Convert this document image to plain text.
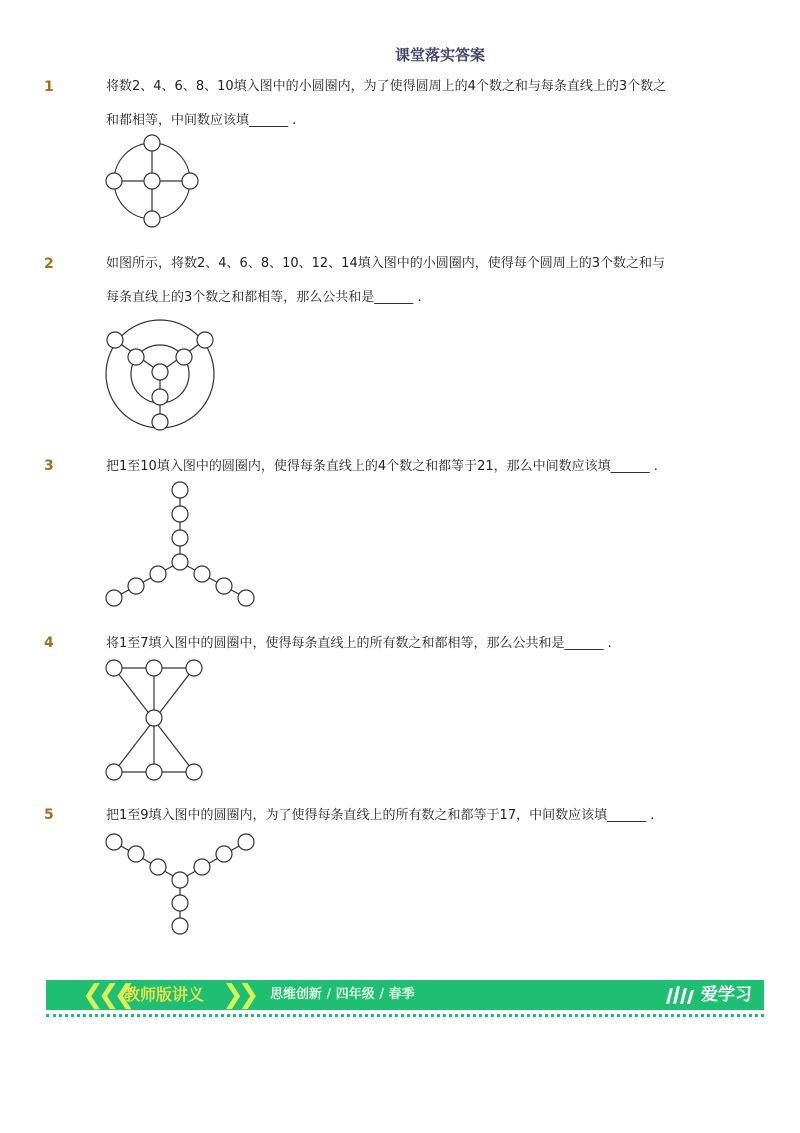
课堂落实答案
1	将数2、4、6、8、10填入图中的小圆圈内，为了使得圆周上的4个数之和与每条直线上的3个数之
和都相等，中间数应该填______ .
2	如图所示，将数2、4、6、8、10、12、14填入图中的小圆圈内，使得每个圆周上的3个数之和与
每条直线上的3个数之和都相等，那么公共和是______ .
3	把1至10填入图中的圆圈内，使得每条直线上的4个数之和都等于21，那么中间数应该填______ .
4	将1至7填入图中的圆圈中，使得每条直线上的所有数之和都相等，那么公共和是______ .
5	把1至9填入图中的圆圈内，为了使得每条直线上的所有数之和都等于17，中间数应该填______ .
❮❮❮
教师版讲义 ❯❯ 思维创新 / 四年级 / 春季	爱学习
